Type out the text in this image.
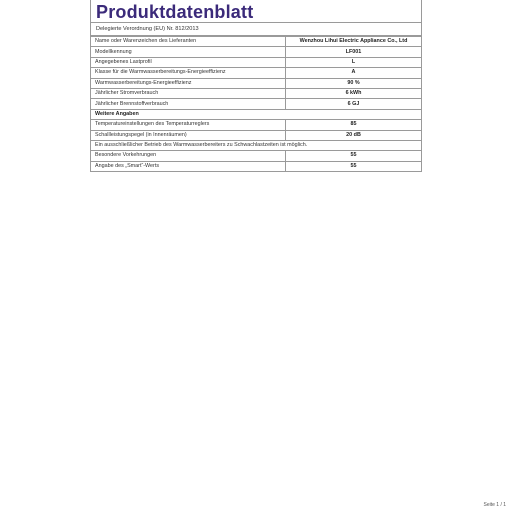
Produktdatenblatt
Delegierte Verordnung (EU) Nr. 812/2013
Name oder Warenzeichen des Lieferanten	Wenzhou Lihui Electric Appliance Co., Ltd
Modellkennung	LF001
Angegebenes Lastprofil	L
Klasse für die Warmwasserbereitungs-Energieeffizienz	A
Warmwasserbereitungs-Energieeffizienz	90 %
Jährlicher Stromverbrauch	6 kWh
Jährlicher Brennstoffverbrauch	6 GJ
Weitere Angaben	
Temperatureinstellungen des Temperaturreglers	85
Schallleistungspegel (in Innenräumen)	20 dB
Ein ausschließlicher Betrieb des Warmwasserbereiters zu Schwachlastzeiten ist möglich.	
Besondere Vorkehrungen	55
Angabe des „Smart“-Werts	55
Seite 1 / 1
